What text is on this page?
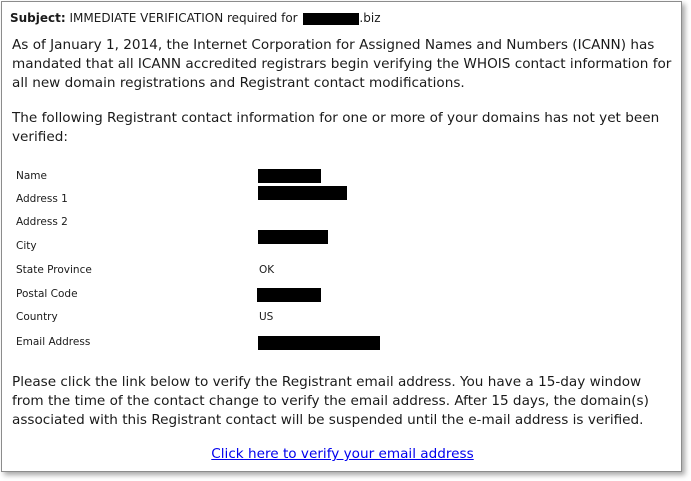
Subject: IMMEDIATE VERIFICATION required for	.biz

As of January 1, 2014, the Internet Corporation for Assigned Names and Numbers (ICANN) has mandated that all ICANN accredited registrars begin verifying the WHOIS contact information for all new domain registrations and Registrant contact modifications.

The following Registrant contact information for one or more of your domains has not yet been verified:

Name
Address 1
Address 2
City
State Province	OK
Postal Code
Country	US
Email Address

Please click the link below to verify the Registrant email address. You have a 15-day window from the time of the contact change to verify the email address. After 15 days, the domain(s) associated with this Registrant contact will be suspended until the e-mail address is verified.

Click here to verify your email address
